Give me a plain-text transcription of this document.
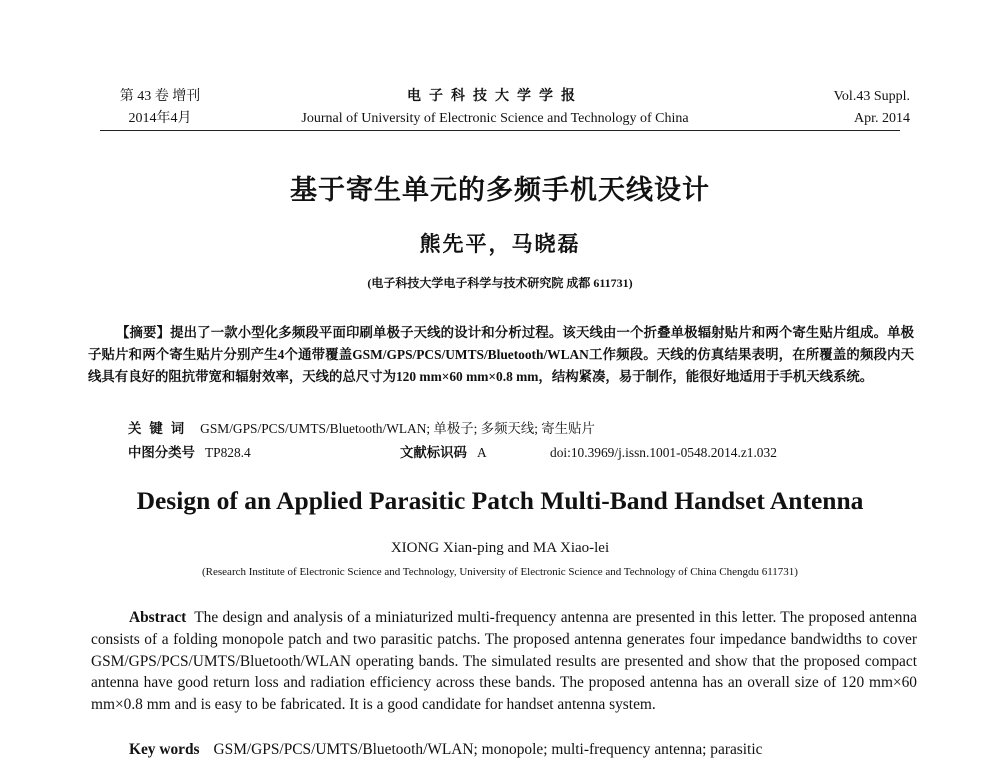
第 43 卷 增刊
2014年4月
电子科技大学学报
Journal of University of Electronic Science and Technology of China
Vol.43 Suppl.
Apr. 2014
基于寄生单元的多频手机天线设计
熊先平，马晓磊
(电子科技大学电子科学与技术研究院 成都 611731)
【摘要】提出了一款小型化多频段平面印刷单极子天线的设计和分析过程。该天线由一个折叠单极辐射贴片和两个寄生贴片组成。单极子贴片和两个寄生贴片分别产生4个通带覆盖GSM/GPS/PCS/UMTS/Bluetooth/WLAN工作频段。天线的仿真结果表明，在所覆盖的频段内天线具有良好的阻抗带宽和辐射效率，天线的总尺寸为120 mm×60 mm×0.8 mm，结构紧凑，易于制作，能很好地适用于手机天线系统。
关键词 GSM/GPS/PCS/UMTS/Bluetooth/WLAN; 单极子; 多频天线; 寄生贴片
中图分类号 TP828.4	文献标识码 A	doi:10.3969/j.issn.1001-0548.2014.z1.032
Design of an Applied Parasitic Patch Multi-Band Handset Antenna
XIONG Xian-ping and MA Xiao-lei
(Research Institute of Electronic Science and Technology, University of Electronic Science and Technology of China Chengdu 611731)
Abstract The design and analysis of a miniaturized multi-frequency antenna are presented in this letter. The proposed antenna consists of a folding monopole patch and two parasitic patchs. The proposed antenna generates four impedance bandwidths to cover GSM/GPS/PCS/UMTS/Bluetooth/WLAN operating bands. The simulated results are presented and show that the proposed compact antenna have good return loss and radiation efficiency across these bands. The proposed antenna has an overall size of 120 mm×60 mm×0.8 mm and is easy to be fabricated. It is a good candidate for handset antenna system.
Key words GSM/GPS/PCS/UMTS/Bluetooth/WLAN; monopole; multi-frequency antenna; parasitic
